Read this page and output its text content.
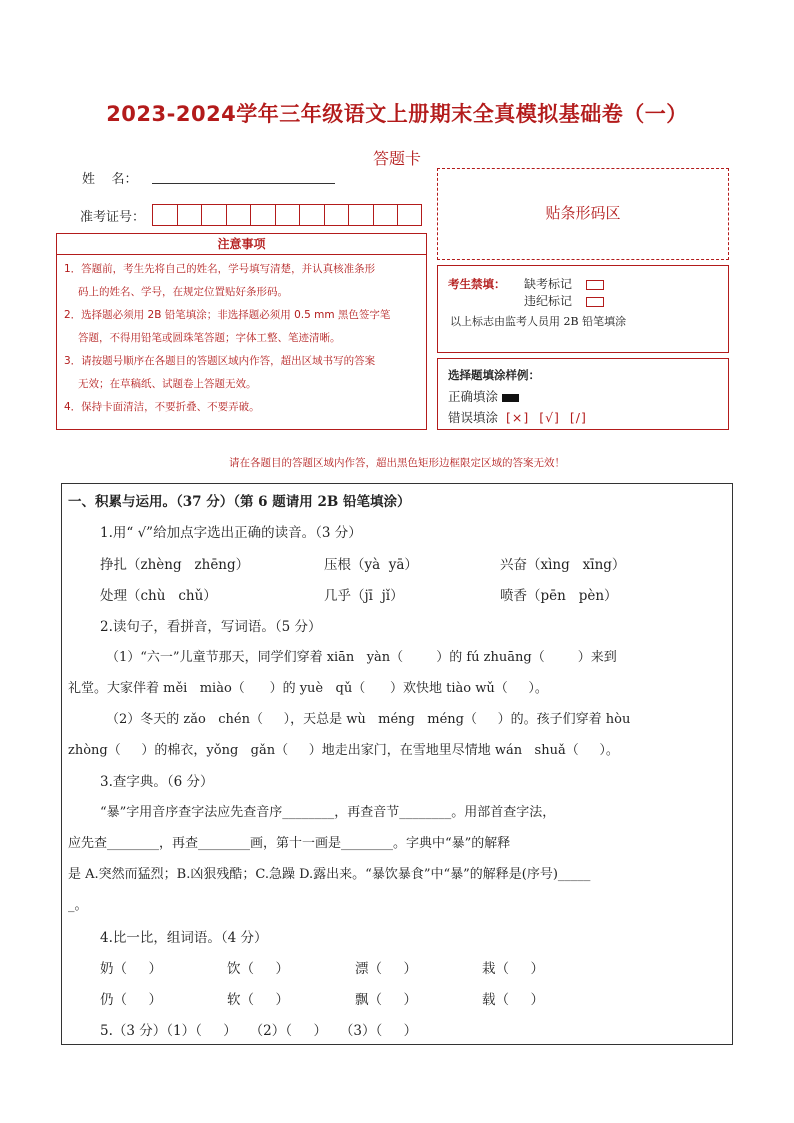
2023-2024学年三年级语文上册期末全真模拟基础卷（一）
答题卡
姓    名：
准考证号：
注意事项
1．答题前，考生先将自己的姓名，学号填写清楚，并认真核准条形
码上的姓名、学号，在规定位置贴好条形码。
2．选择题必须用 2B 铅笔填涂；非选择题必须用 0.5 mm 黑色签字笔
答题，不得用铅笔或圆珠笔答题；字体工整、笔迹清晰。
3．请按题号顺序在各题目的答题区域内作答，超出区域书写的答案
无效；在草稿纸、试题卷上答题无效。
4．保持卡面清洁，不要折叠、不要弄破。
贴条形码区
考生禁填： 缺考标记
违纪标记
以上标志由监考人员用 2B 铅笔填涂
选择题填涂样例：
正确填涂
错误填涂 [×]  [√]  [/]
请在各题目的答题区域内作答，超出黑色矩形边框限定区域的答案无效！
一、积累与运用。（37 分）（第 6 题请用 2B 铅笔填涂）
1.用“ √”给加点字选出正确的读音。（3 分）
挣扎（zhèng   zhēng）	压根（yà  yā）	兴奋（xìng   xīng）
处理（chù   chǔ）	几乎（jī  jǐ）	喷香（pēn   pèn）
2.读句子，看拼音，写词语。（5 分）
（1）“六一”儿童节那天，同学们穿着 xiān   yàn（        ）的 fú zhuāng（        ）来到
礼堂。大家伴着 měi   miào（      ）的 yuè   qǔ（      ）欢快地 tiào wǔ（     ）。
（2）冬天的 zǎo   chén（     ），天总是 wù   méng   méng（     ）的。孩子们穿着 hòu
zhòng（     ）的棉衣，yǒng   gǎn（     ）地走出家门，在雪地里尽情地 wán   shuǎ（     ）。
3.查字典。（6 分）
“暴”字用音序查字法应先查音序________，再查音节________。用部首查字法，
应先查________，再查________画，第十一画是________。字典中“暴”的解释
是 A.突然而猛烈；B.凶狠残酷；C.急躁 D.露出来。“暴饮暴食”中“暴”的解释是(序号)_____
_。
4.比一比，组词语。（4 分）
奶（     ）	饮（     ）	漂（     ）	栽（     ）
仍（     ）	软（     ）	飘（     ）	载（     ）
5.（3 分）（1）（     ）   （2）（     ）   （3）（     ）
